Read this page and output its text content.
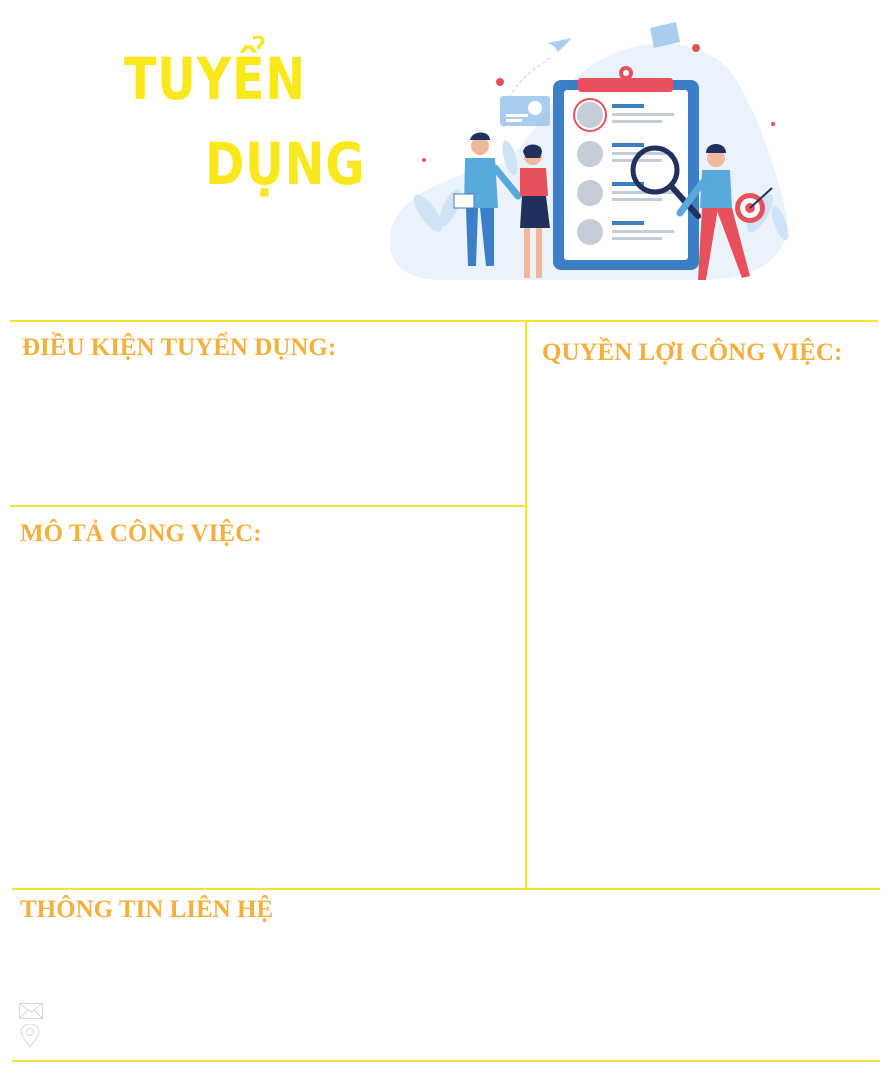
TUYỂN
DỤNG
ĐIỀU KIỆN TUYỂN DỤNG:	QUYỀN LỢI CÔNG VIỆC:
MÔ TẢ CÔNG VIỆC:
THÔNG TIN LIÊN HỆ
